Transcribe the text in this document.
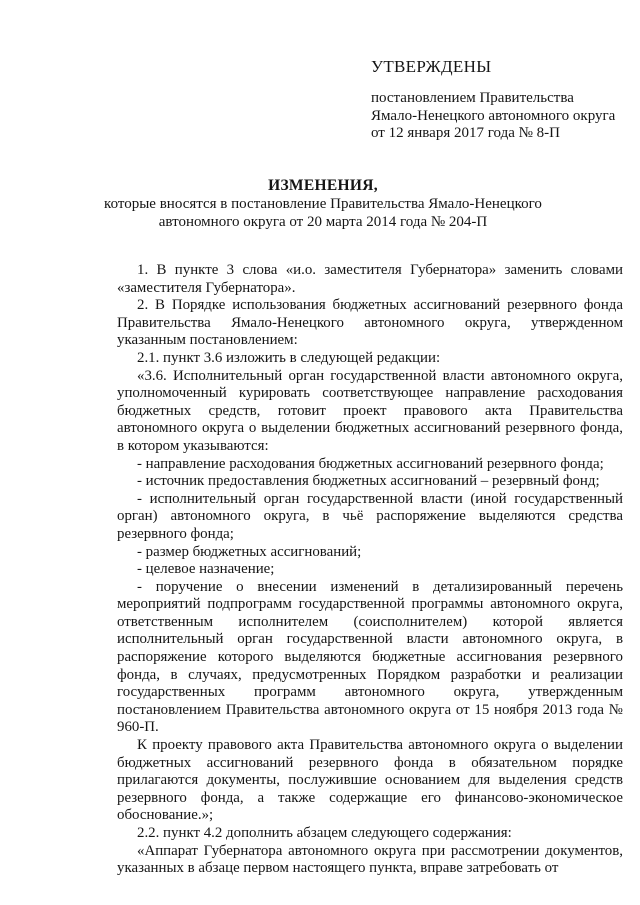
УТВЕРЖДЕНЫ
постановлением Правительства
Ямало-Ненецкого автономного округа
от 12 января 2017 года № 8-П
ИЗМЕНЕНИЯ,
которые вносятся в постановление Правительства Ямало-Ненецкого
автономного округа от 20 марта 2014 года № 204-П

1. В пункте 3 слова «и.о. заместителя Губернатора» заменить словами «заместителя Губернатора».

2. В Порядке использования бюджетных ассигнований резервного фонда Правительства Ямало-Ненецкого автономного округа, утвержденном указанным постановлением:

2.1. пункт 3.6 изложить в следующей редакции:

«3.6. Исполнительный орган государственной власти автономного округа, уполномоченный курировать соответствующее направление расходования бюджетных средств, готовит проект правового акта Правительства автономного округа о выделении бюджетных ассигнований резервного фонда, в котором указываются:

- направление расходования бюджетных ассигнований резервного фонда;

- источник предоставления бюджетных ассигнований – резервный фонд;

- исполнительный орган государственной власти (иной государственный орган) автономного округа, в чьё распоряжение выделяются средства резервного фонда;

- размер бюджетных ассигнований;

- целевое назначение;

- поручение о внесении изменений в детализированный перечень мероприятий подпрограмм государственной программы автономного округа, ответственным исполнителем (соисполнителем) которой является исполнительный орган государственной власти автономного округа, в распоряжение которого выделяются бюджетные ассигнования резервного фонда, в случаях, предусмотренных Порядком разработки и реализации государственных программ автономного округа, утвержденным постановлением Правительства автономного округа от 15 ноября 2013 года № 960-П.

К проекту правового акта Правительства автономного округа о выделении бюджетных ассигнований резервного фонда в обязательном порядке прилагаются документы, послужившие основанием для выделения средств резервного фонда, а также содержащие его финансово-экономическое обоснование.»;

2.2. пункт 4.2 дополнить абзацем следующего содержания:

«Аппарат Губернатора автономного округа при рассмотрении документов, указанных в абзаце первом настоящего пункта, вправе затребовать от
